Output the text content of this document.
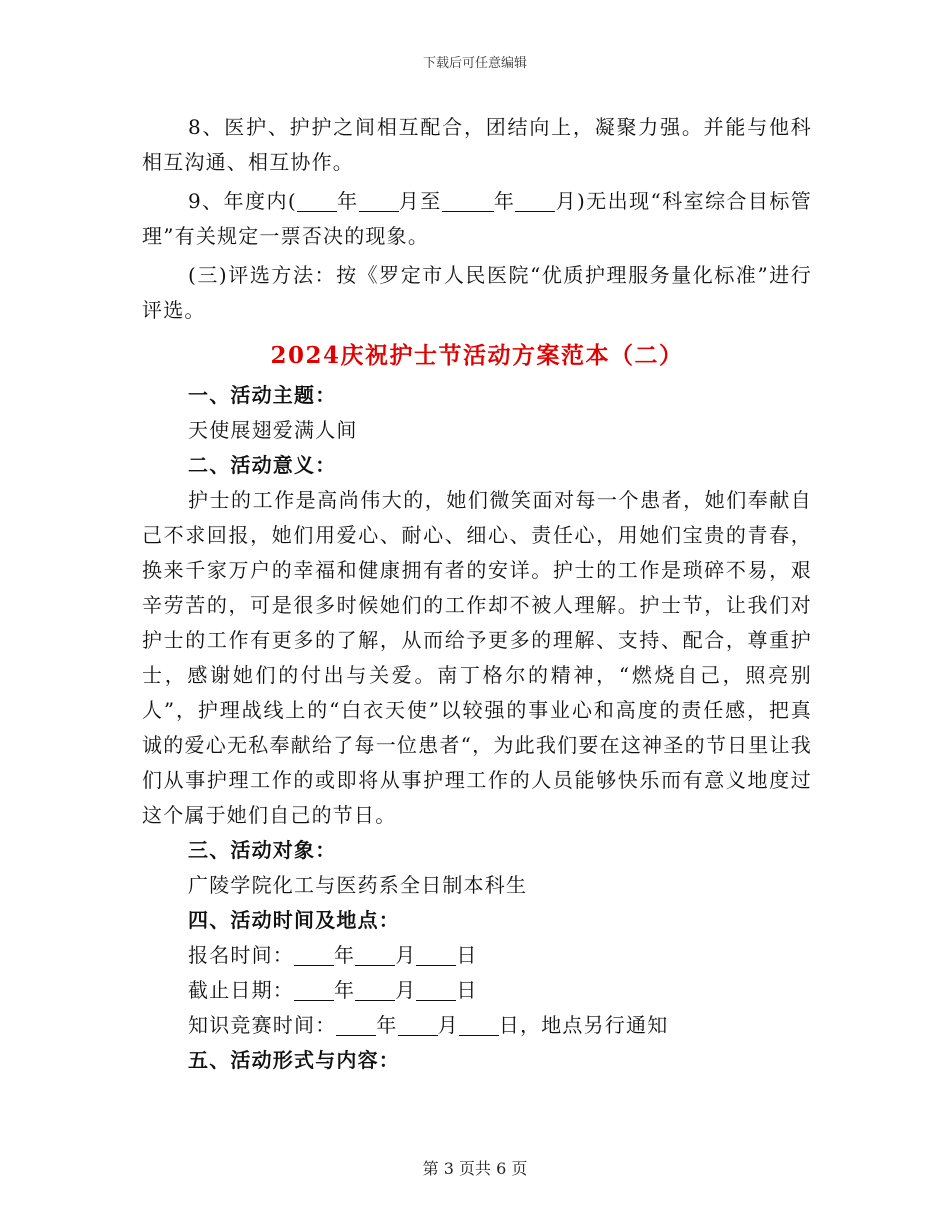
下载后可任意编辑

8、医护、护护之间相互配合，团结向上，凝聚力强。并能与他科相互沟通、相互协作。

9、年度内( 年 月至	年 月)无出现“科室综合目标管理”有关规定一票否决的现象。

(三)评选方法：按《罗定市人民医院“优质护理服务量化标准”进行评选。

2024庆祝护士节活动方案范本（二）

一、活动主题：

天使展翅爱满人间

二、活动意义：

护士的工作是高尚伟大的，她们微笑面对每一个患者，她们奉献自己不求回报，她们用爱心、耐心、细心、责任心，用她们宝贵的青春，换来千家万户的幸福和健康拥有者的安详。护士的工作是琐碎不易，艰辛劳苦的，可是很多时候她们的工作却不被人理解。护士节，让我们对护士的工作有更多的了解，从而给予更多的理解、支持、配合，尊重护士，感谢她们的付出与关爱。南丁格尔的精神，“燃烧自己，照亮别人”，护理战线上的“白衣天使”以较强的事业心和高度的责任感，把真诚的爱心无私奉献给了每一位患者“，为此我们要在这神圣的节日里让我们从事护理工作的或即将从事护理工作的人员能够快乐而有意义地度过这个属于她们自己的节日。

三、活动对象：

广陵学院化工与医药系全日制本科生

四、活动时间及地点：

报名时间： 年 月 日

截止日期： 年 月 日

知识竞赛时间： 年 月 日，地点另行通知

五、活动形式与内容：

第 3 页共 6 页
